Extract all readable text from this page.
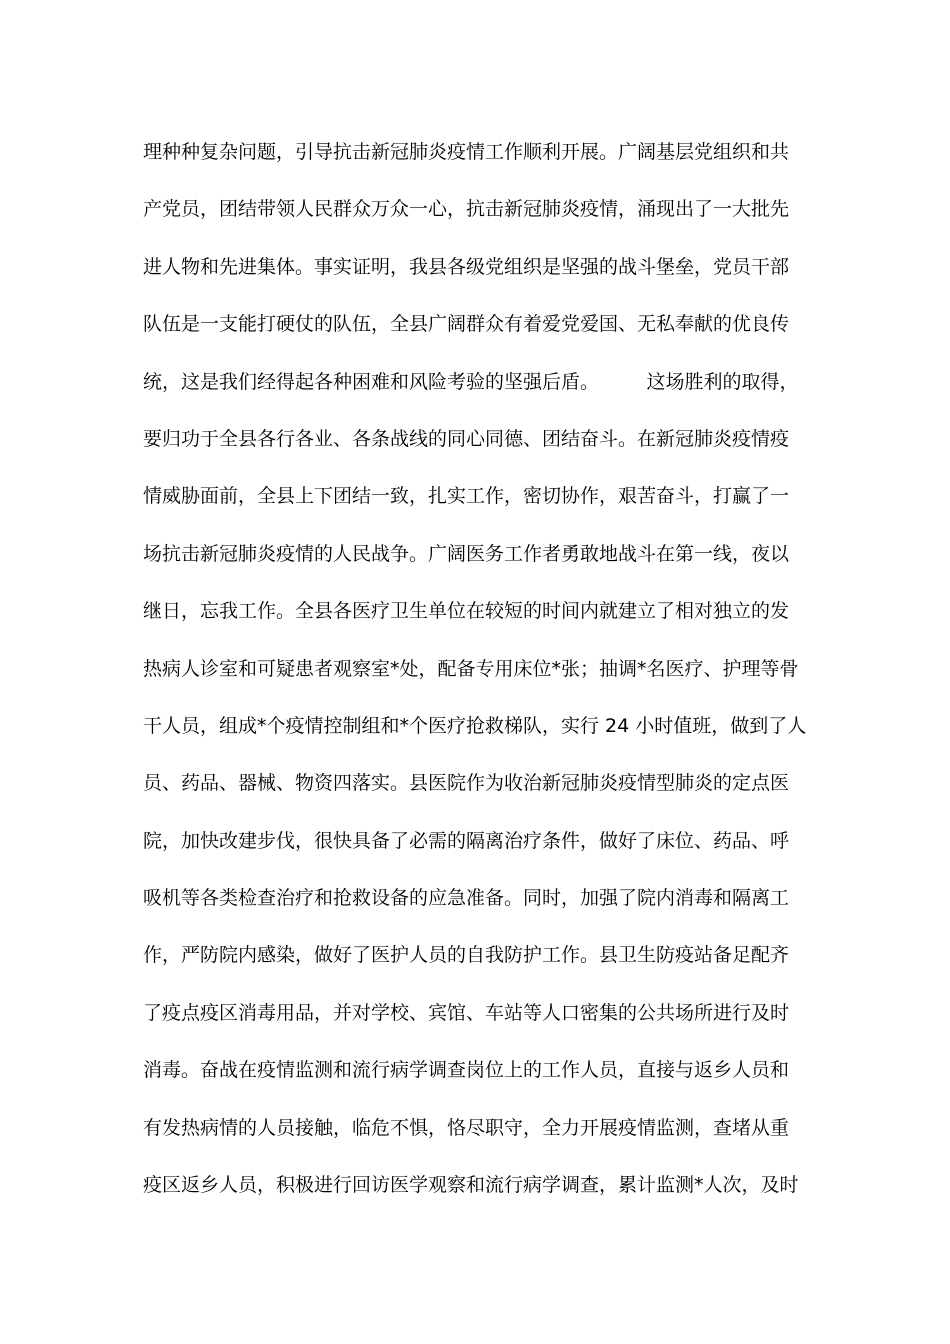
理种种复杂问题，引导抗击新冠肺炎疫情工作顺利开展。广阔基层党组织和共
产党员，团结带领人民群众万众一心，抗击新冠肺炎疫情，涌现出了一大批先
进人物和先进集体。事实证明，我县各级党组织是坚强的战斗堡垒，党员干部
队伍是一支能打硬仗的队伍，全县广阔群众有着爱党爱国、无私奉献的优良传
统，这是我们经得起各种困难和风险考验的坚强后盾。　　　这场胜利的取得，
要归功于全县各行各业、各条战线的同心同德、团结奋斗。在新冠肺炎疫情疫
情威胁面前，全县上下团结一致，扎实工作，密切协作，艰苦奋斗，打赢了一
场抗击新冠肺炎疫情的人民战争。广阔医务工作者勇敢地战斗在第一线，夜以
继日，忘我工作。全县各医疗卫生单位在较短的时间内就建立了相对独立的发
热病人诊室和可疑患者观察室*处，配备专用床位*张；抽调*名医疗、护理等骨
干人员，组成*个疫情控制组和*个医疗抢救梯队，实行 24 小时值班，做到了人
员、药品、器械、物资四落实。县医院作为收治新冠肺炎疫情型肺炎的定点医
院，加快改建步伐，很快具备了必需的隔离治疗条件，做好了床位、药品、呼
吸机等各类检查治疗和抢救设备的应急准备。同时，加强了院内消毒和隔离工
作，严防院内感染，做好了医护人员的自我防护工作。县卫生防疫站备足配齐
了疫点疫区消毒用品，并对学校、宾馆、车站等人口密集的公共场所进行及时
消毒。奋战在疫情监测和流行病学调查岗位上的工作人员，直接与返乡人员和
有发热病情的人员接触，临危不惧，恪尽职守，全力开展疫情监测，查堵从重
疫区返乡人员，积极进行回访医学观察和流行病学调查，累计监测*人次，及时
